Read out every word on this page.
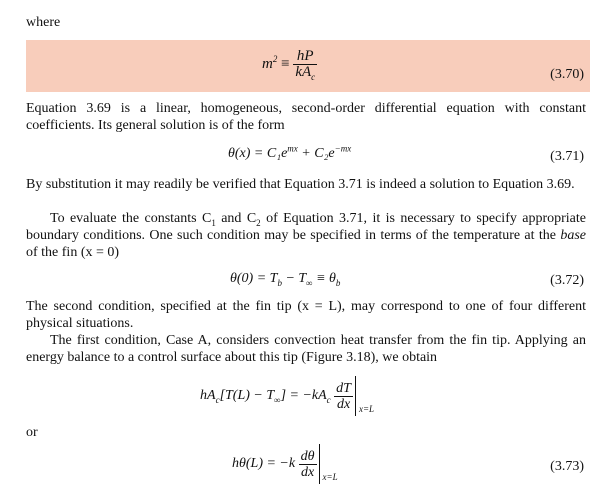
where
$m^2 \equiv \frac{hP}{kA_c}$	(3.70)
Equation 3.69 is a linear, homogeneous, second-order differential equation with constant coefficients. Its general solution is of the form
$\theta(x) = C_1e^{mx} + C_2e^{-mx}$
(3.71)
By substitution it may readily be verified that Equation 3.71 is indeed a solution to Equation 3.69.
To evaluate the constants $C_1$ and $C_2$ of Equation 3.71, it is necessary to specify appropriate boundary conditions. One such condition may be specified in terms of the temperature at the base of the fin (x = 0)
$\theta(0) = T_b - T_\infty \equiv \theta_b$	(3.72)
The second condition, specified at the fin tip (x = L), may correspond to one of four different physical situations.
The first condition, Case A, considers convection heat transfer from the fin tip. Applying an energy balance to a control surface about this tip (Figure 3.18), we obtain
$hA_c[T(L) - T_\infty] = -kA_c \frac{dT}{dx} x=L$
or
$h\theta(L) = -k \frac{d\theta}{dx} x=L$
(3.73)
